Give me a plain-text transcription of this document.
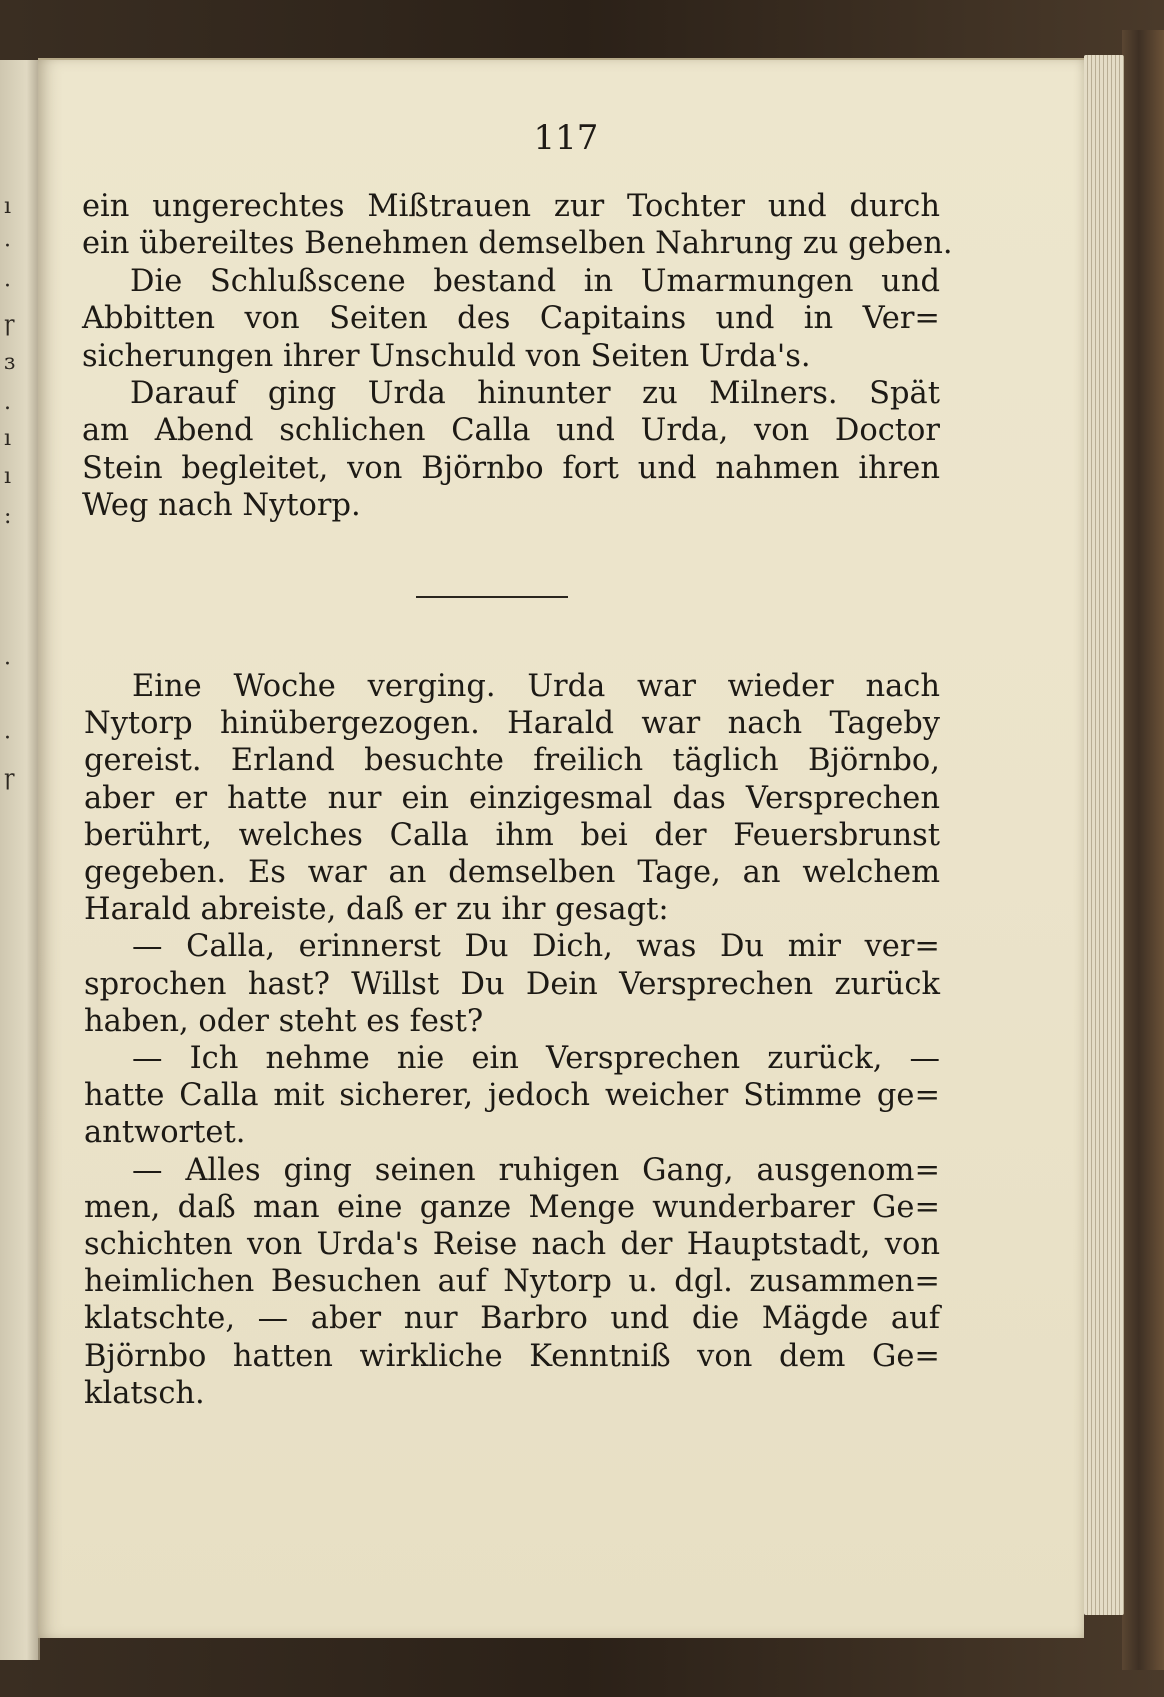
ı
·
·
ꞅ
ɜ
.
ı
ı
:
·
·
ꞅ
117
ein ungerechtes Mißtrauen zur Tochter und durch
ein übereiltes Benehmen demselben Nahrung zu geben.
Die Schlußscene bestand in Umarmungen und
Abbitten von Seiten des Capitains und in Ver=
sicherungen ihrer Unschuld von Seiten Urda's.
Darauf ging Urda hinunter zu Milners. Spät
am Abend schlichen Calla und Urda, von Doctor
Stein begleitet, von Björnbo fort und nahmen ihren
Weg nach Nytorp.
Eine Woche verging. Urda war wieder nach
Nytorp hinübergezogen. Harald war nach Tageby
gereist. Erland besuchte freilich täglich Björnbo,
aber er hatte nur ein einzigesmal das Versprechen
berührt, welches Calla ihm bei der Feuersbrunst
gegeben. Es war an demselben Tage, an welchem
Harald abreiste, daß er zu ihr gesagt:
— Calla, erinnerst Du Dich, was Du mir ver=
sprochen hast? Willst Du Dein Versprechen zurück
haben, oder steht es fest?
— Ich nehme nie ein Versprechen zurück, —
hatte Calla mit sicherer, jedoch weicher Stimme ge=
antwortet.
— Alles ging seinen ruhigen Gang, ausgenom=
men, daß man eine ganze Menge wunderbarer Ge=
schichten von Urda's Reise nach der Hauptstadt, von
heimlichen Besuchen auf Nytorp u. dgl. zusammen=
klatschte, — aber nur Barbro und die Mägde auf
Björnbo hatten wirkliche Kenntniß von dem Ge=
klatsch.
